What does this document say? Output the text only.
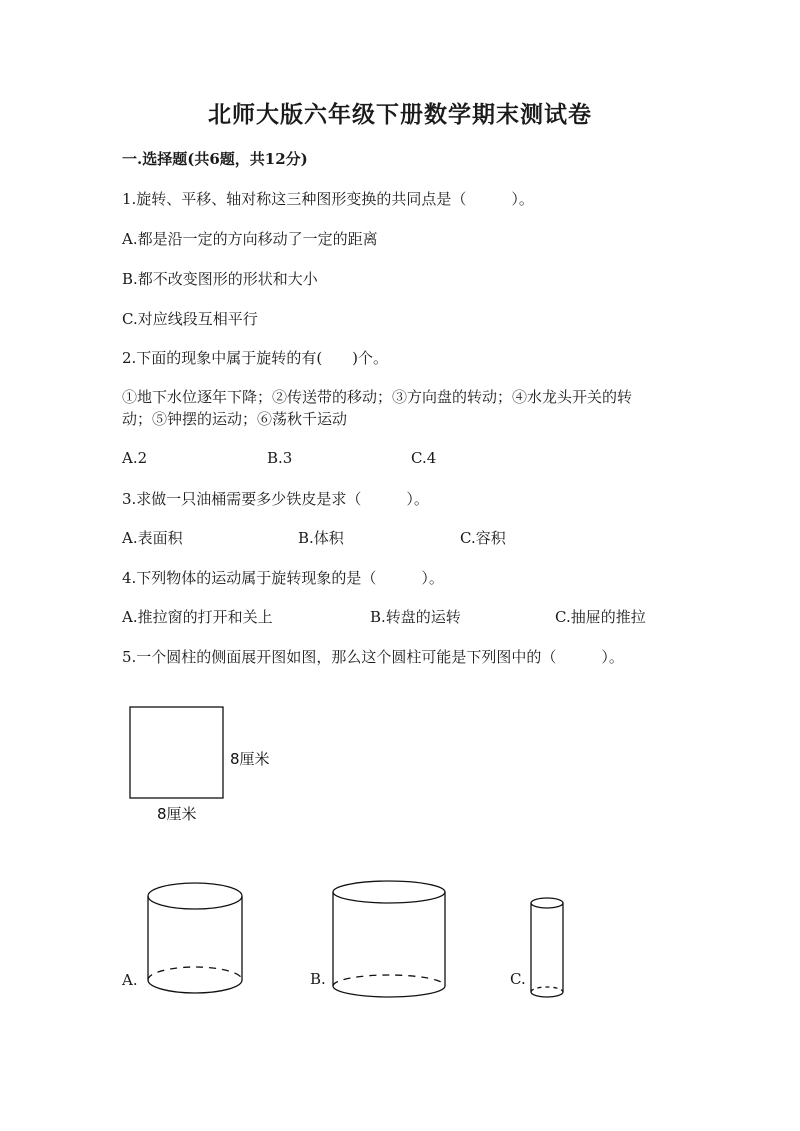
北师大版六年级下册数学期末测试卷
一.选择题(共6题，共12分)
1.旋转、平移、轴对称这三种图形变换的共同点是（　　　）。
A.都是沿一定的方向移动了一定的距离
B.都不改变图形的形状和大小
C.对应线段互相平行
2.下面的现象中属于旋转的有(　　)个。
①地下水位逐年下降；②传送带的移动；③方向盘的转动；④水龙头开关的转
动；⑤钟摆的运动；⑥荡秋千运动
A.2	B.3	C.4
3.求做一只油桶需要多少铁皮是求（　　　）。
A.表面积	B.体积	C.容积
4.下列物体的运动属于旋转现象的是（　　　）。
A.推拉窗的打开和关上	B.转盘的运转	C.抽屉的推拉
5.一个圆柱的侧面展开图如图，那么这个圆柱可能是下列图中的（　　　）。
8厘米
8厘米
A.	B.	C.
